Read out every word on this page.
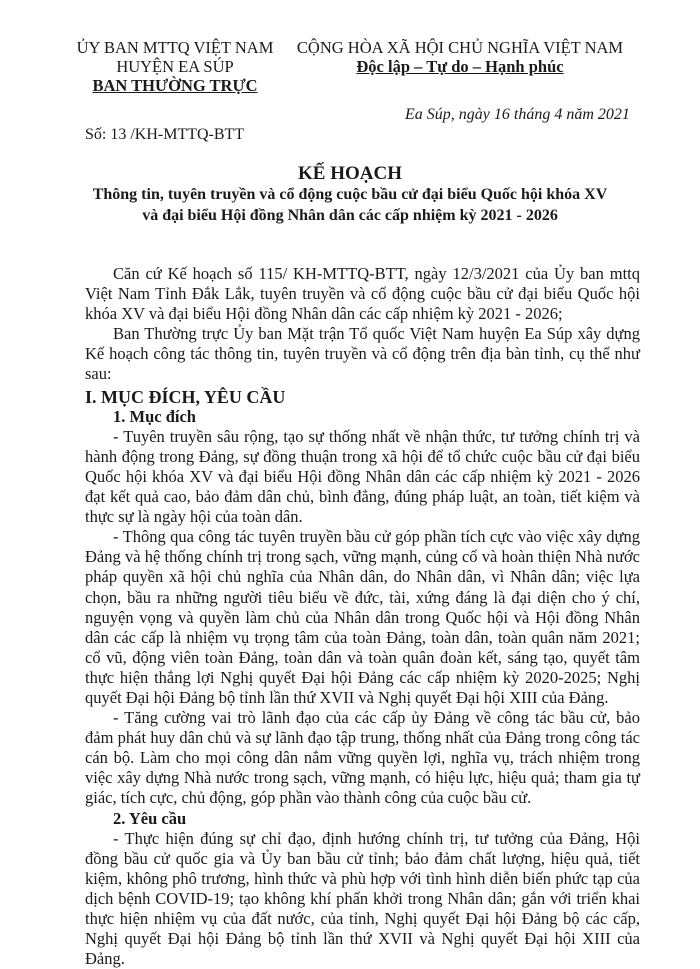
ỦY BAN MTTQ VIỆT NAM
HUYỆN EA SÚP
BAN THƯỜNG TRỰC
CỘNG HÒA XÃ HỘI CHỦ NGHĨA VIỆT NAM
Độc lập – Tự do – Hạnh phúc
Ea Súp, ngày 16 tháng 4 năm 2021
Số: 13 /KH-MTTQ-BTT
KẾ HOẠCH
Thông tin, tuyên truyền và cổ động cuộc bầu cử đại biểu Quốc hội khóa XV
và đại biểu Hội đồng Nhân dân các cấp nhiệm kỳ 2021 - 2026

Căn cứ Kế hoạch số 115/ KH-MTTQ-BTT, ngày 12/3/2021 của Ủy ban mttq Việt Nam Tỉnh Đắk Lắk, tuyên truyền và cổ động cuộc bầu cử đại biểu Quốc hội khóa XV và đại biểu Hội đồng Nhân dân các cấp nhiệm kỳ 2021 - 2026;

Ban Thường trực Ủy ban Mặt trận Tổ quốc Việt Nam huyện Ea Súp xây dựng Kế hoạch công tác thông tin, tuyên truyền và cổ động trên địa bàn tỉnh, cụ thể như sau:

I. MỤC ĐÍCH, YÊU CẦU

1. Mục đích

- Tuyên truyền sâu rộng, tạo sự thống nhất về nhận thức, tư tưởng chính trị và hành động trong Đảng, sự đồng thuận trong xã hội để tổ chức cuộc bầu cử đại biểu Quốc hội khóa XV và đại biểu Hội đồng Nhân dân các cấp nhiệm kỳ 2021 - 2026 đạt kết quả cao, bảo đảm dân chủ, bình đẳng, đúng pháp luật, an toàn, tiết kiệm và thực sự là ngày hội của toàn dân.

- Thông qua công tác tuyên truyền bầu cử góp phần tích cực vào việc xây dựng Đảng và hệ thống chính trị trong sạch, vững mạnh, củng cố và hoàn thiện Nhà nước pháp quyền xã hội chủ nghĩa của Nhân dân, do Nhân dân, vì Nhân dân; việc lựa chọn, bầu ra những người tiêu biểu về đức, tài, xứng đáng là đại diện cho ý chí, nguyện vọng và quyền làm chủ của Nhân dân trong Quốc hội và Hội đồng Nhân dân các cấp là nhiệm vụ trọng tâm của toàn Đảng, toàn dân, toàn quân năm 2021; cổ vũ, động viên toàn Đảng, toàn dân và toàn quân đoàn kết, sáng tạo, quyết tâm thực hiện thắng lợi Nghị quyết Đại hội Đảng các cấp nhiệm kỳ 2020-2025; Nghị quyết Đại hội Đảng bộ tỉnh lần thứ XVII và Nghị quyết Đại hội XIII của Đảng.

- Tăng cường vai trò lãnh đạo của các cấp ủy Đảng về công tác bầu cử, bảo đảm phát huy dân chủ và sự lãnh đạo tập trung, thống nhất của Đảng trong công tác cán bộ. Làm cho mọi công dân nắm vững quyền lợi, nghĩa vụ, trách nhiệm trong việc xây dựng Nhà nước trong sạch, vững mạnh, có hiệu lực, hiệu quả; tham gia tự giác, tích cực, chủ động, góp phần vào thành công của cuộc bầu cử.

2. Yêu cầu

- Thực hiện đúng sự chỉ đạo, định hướng chính trị, tư tưởng của Đảng, Hội đồng bầu cử quốc gia và Ủy ban bầu cử tỉnh; bảo đảm chất lượng, hiệu quả, tiết kiệm, không phô trương, hình thức và phù hợp với tình hình diễn biến phức tạp của dịch bệnh COVID-19; tạo không khí phấn khởi trong Nhân dân; gắn với triển khai thực hiện nhiệm vụ của đất nước, của tỉnh, Nghị quyết Đại hội Đảng bộ các cấp, Nghị quyết Đại hội Đảng bộ tỉnh lần thứ XVII và Nghị quyết Đại hội XIII của Đảng.
